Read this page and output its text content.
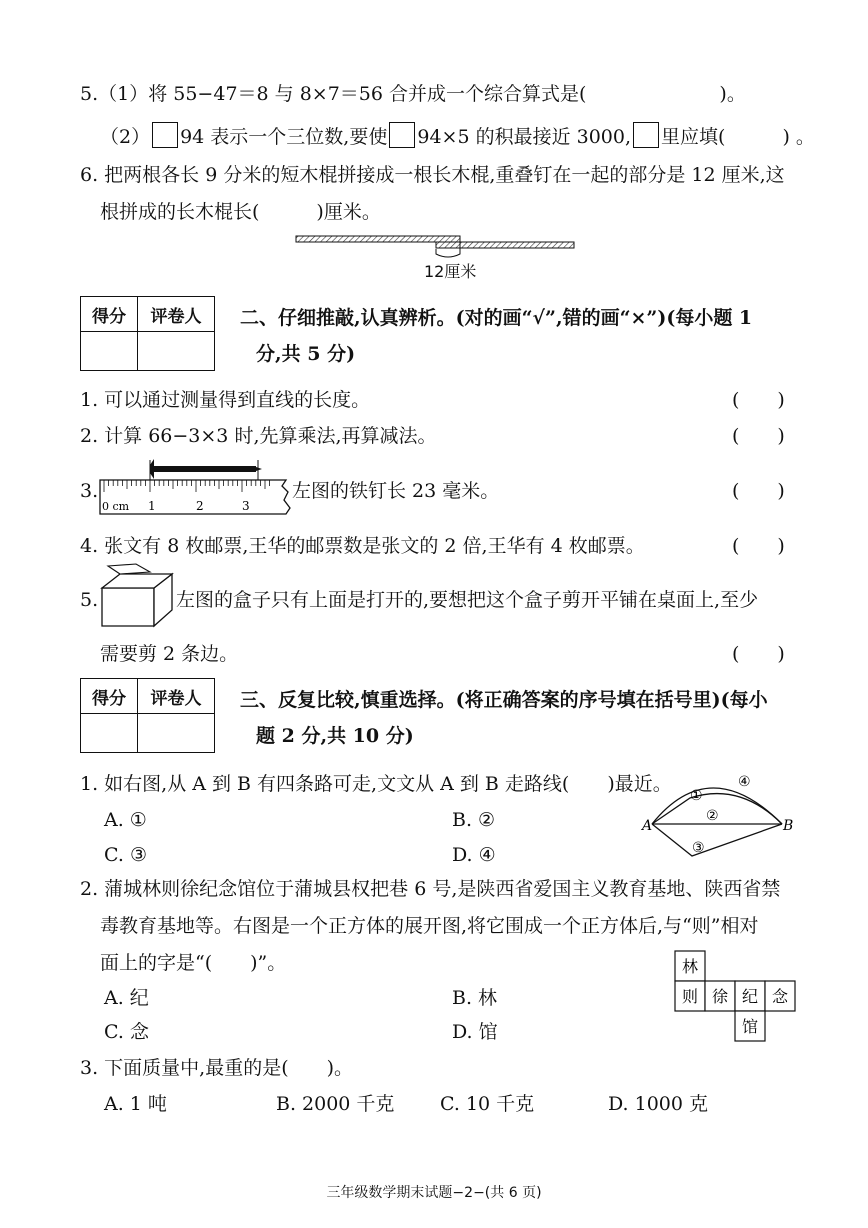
5.（1）将 55−47＝8 与 8×7＝56 合并成一个综合算式是(　　　　　　　)。
（2） 94 表示一个三位数,要使 94×5 的积最接近 3000, 里应填(　　　) 。
6. 把两根各长 9 分米的短木棍拼接成一根长木棍,重叠钉在一起的部分是 12 厘米,这
根拼成的长木棍长(　　　)厘米。
12厘米
得分	评卷人
	二、仔细推敲,认真辨析。(对的画“√”,错的画“×”)(每小题 1
分,共 5 分)
1. 可以通过测量得到直线的长度。	(　　)
2. 计算 66−3×3 时,先算乘法,再算减法。	(　　)
3.
0 cm 1	2	3
左图的铁钉长 23 毫米。	(　　)
4. 张文有 8 枚邮票,王华的邮票数是张文的 2 倍,王华有 4 枚邮票。	(　　)
5.	左图的盒子只有上面是打开的,要想把这个盒子剪开平铺在桌面上,至少
需要剪 2 条边。	(　　)
得分	评卷人
	三、反复比较,慎重选择。(将正确答案的序号填在括号里)(每小
题 2 分,共 10 分)
1. 如右图,从 A 到 B 有四条路可走,文文从 A 到 B 走路线(　　)最近。
A. ①	B. ②
C. ③	D. ④
A	B
①
②
③
④
2. 蒲城林则徐纪念馆位于蒲城县权把巷 6 号,是陕西省爱国主义教育基地、陕西省禁
毒教育基地等。右图是一个正方体的展开图,将它围成一个正方体后,与“则”相对
面上的字是“(　　)”。
A. 纪	B. 林
C. 念	D. 馆
林
则 徐 纪 念
馆
3. 下面质量中,最重的是(　　)。
A. 1 吨	B. 2000 千克 C. 10 千克	D. 1000 克
三年级数学期末试题−2−(共 6 页)
